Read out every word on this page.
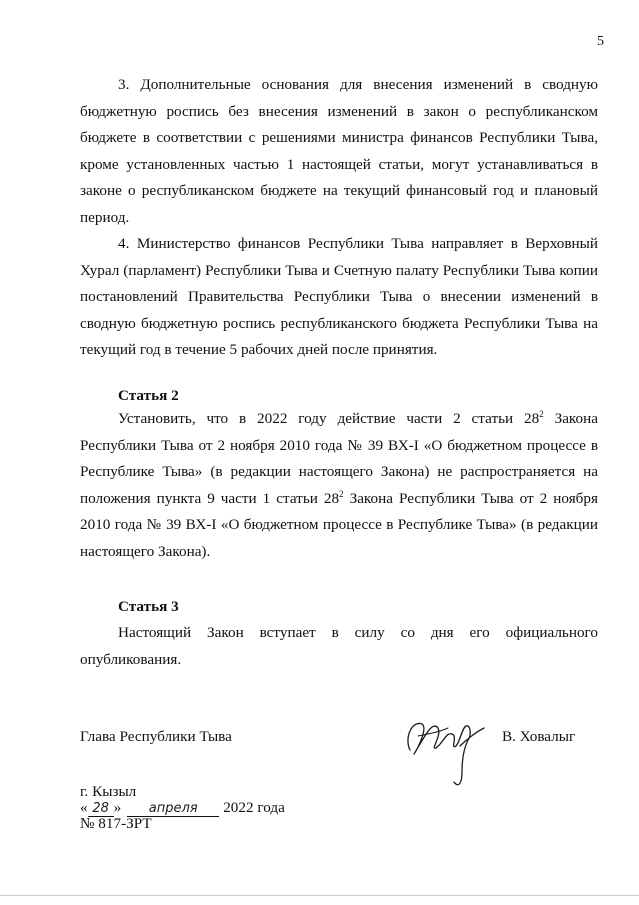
5

3. Дополнительные основания для внесения изменений в сводную бюджетную роспись без внесения изменений в закон о республиканском бюджете в соответствии с решениями министра финансов Республики Тыва, кроме установленных частью 1 настоящей статьи, могут устанавливаться в законе о республиканском бюджете на текущий финансовый год и плановый период.

4. Министерство финансов Республики Тыва направляет в Верховный Хурал (парламент) Республики Тыва и Счетную палату Республики Тыва копии постановлений Правительства Республики Тыва о внесении изменений в сводную бюджетную роспись республиканского бюджета Республики Тыва на текущий год в течение 5 рабочих дней после принятия.

Статья 2

Установить, что в 2022 году действие части 2 статьи $28^2$ Закона Республики Тыва от 2 ноября 2010 года № 39 ВХ-I «О бюджетном процессе в Республике Тыва» (в редакции настоящего Закона) не распространяется на положения пункта 9 части 1 статьи $28^2$ Закона Республики Тыва от 2 ноября 2010 года № 39 ВХ-I «О бюджетном процессе в Республике Тыва» (в редакции настоящего Закона).

Статья 3

Настоящий Закон вступает в силу со дня его официального опубликования.

Глава Республики Тыва	В. Ховалыг
г. Кызыл
« 28 » апреля 2022 года
№ 817-ЗРТ
